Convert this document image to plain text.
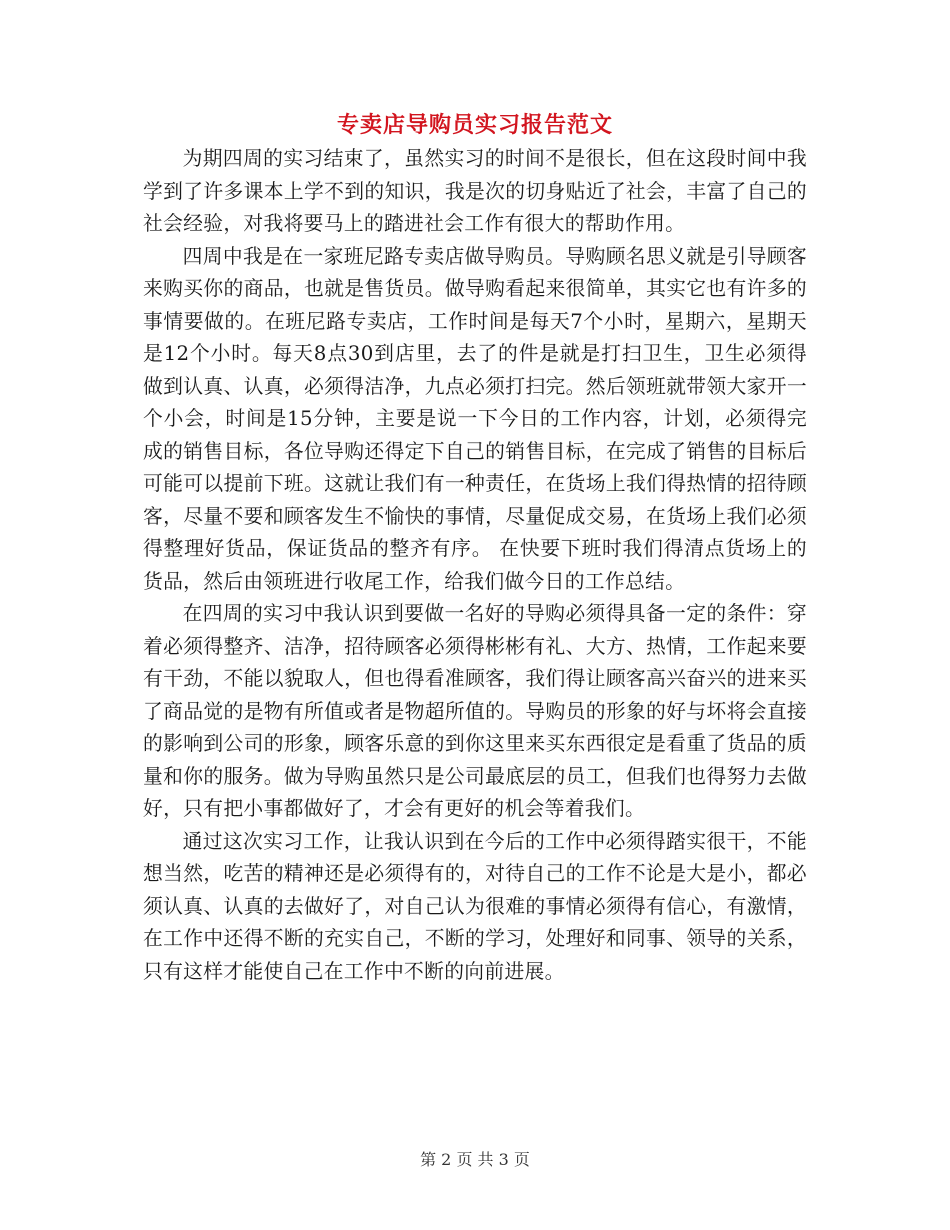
专卖店导购员实习报告范文

为期四周的实习结束了，虽然实习的时间不是很长，但在这段时间中我学到了许多课本上学不到的知识，我是次的切身贴近了社会，丰富了自己的社会经验，对我将要马上的踏进社会工作有很大的帮助作用。

四周中我是在一家班尼路专卖店做导购员。导购顾名思义就是引导顾客来购买你的商品，也就是售货员。做导购看起来很简单，其实它也有许多的事情要做的。在班尼路专卖店，工作时间是每天7个小时，星期六，星期天是12个小时。每天8点30到店里，去了的件是就是打扫卫生，卫生必须得做到认真、认真，必须得洁净，九点必须打扫完。然后领班就带领大家开一个小会，时间是15分钟，主要是说一下今日的工作内容，计划，必须得完成的销售目标，各位导购还得定下自己的销售目标，在完成了销售的目标后可能可以提前下班。这就让我们有一种责任，在货场上我们得热情的招待顾客，尽量不要和顾客发生不愉快的事情，尽量促成交易，在货场上我们必须得整理好货品，保证货品的整齐有序。 在快要下班时我们得清点货场上的货品，然后由领班进行收尾工作，给我们做今日的工作总结。

在四周的实习中我认识到要做一名好的导购必须得具备一定的条件：穿着必须得整齐、洁净，招待顾客必须得彬彬有礼、大方、热情，工作起来要有干劲，不能以貌取人，但也得看准顾客，我们得让顾客高兴奋兴的进来买了商品觉的是物有所值或者是物超所值的。导购员的形象的好与坏将会直接的影响到公司的形象，顾客乐意的到你这里来买东西很定是看重了货品的质量和你的服务。做为导购虽然只是公司最底层的员工，但我们也得努力去做好，只有把小事都做好了，才会有更好的机会等着我们。

通过这次实习工作，让我认识到在今后的工作中必须得踏实很干，不能想当然，吃苦的精神还是必须得有的，对待自己的工作不论是大是小，都必须认真、认真的去做好了，对自己认为很难的事情必须得有信心，有激情，在工作中还得不断的充实自己，不断的学习，处理好和同事、领导的关系，只有这样才能使自己在工作中不断的向前进展。

第 2 页 共 3 页
